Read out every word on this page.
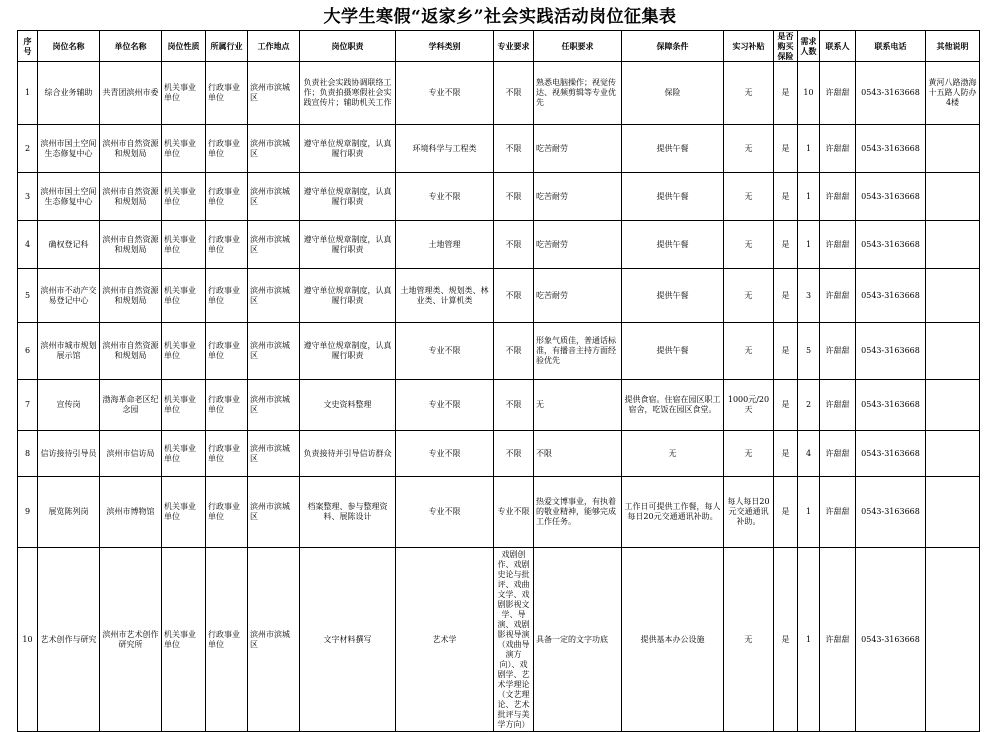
大学生寒假“返家乡”社会实践活动岗位征集表
序号	岗位名称	单位名称	岗位性质	所属行业	工作地点	岗位职责	学科类别	专业要求	任职要求	保障条件	实习补贴	是否购买保险	需求人数	联系人	联系电话	其他说明
1	综合业务辅助	共青团滨州市委	机关事业单位	行政事业单位	滨州市滨城区	负责社会实践协调联络工作；负责拍摄寒假社会实践宣传片；辅助机关工作	专业不限	不限	熟悉电脑操作；视觉传达、视频剪辑等专业优先	保险	无	是	10	许甜甜	0543-3163668	黄河八路渤海十五路人防办4楼
2	滨州市国土空间生态修复中心	滨州市自然资源和规划局	机关事业单位	行政事业单位	滨州市滨城区	遵守单位规章制度，认真履行职责	环境科学与工程类	不限	吃苦耐劳	提供午餐	无	是	1	许甜甜	0543-3163668	
3	滨州市国土空间生态修复中心	滨州市自然资源和规划局	机关事业单位	行政事业单位	滨州市滨城区	遵守单位规章制度，认真履行职责	专业不限	不限	吃苦耐劳	提供午餐	无	是	1	许甜甜	0543-3163668	
4	确权登记科	滨州市自然资源和规划局	机关事业单位	行政事业单位	滨州市滨城区	遵守单位规章制度，认真履行职责	土地管理	不限	吃苦耐劳	提供午餐	无	是	1	许甜甜	0543-3163668	
5	滨州市不动产交易登记中心	滨州市自然资源和规划局	机关事业单位	行政事业单位	滨州市滨城区	遵守单位规章制度，认真履行职责	土地管理类、规划类、林业类、计算机类	不限	吃苦耐劳	提供午餐	无	是	3	许甜甜	0543-3163668	
6	滨州市城市规划展示馆	滨州市自然资源和规划局	机关事业单位	行政事业单位	滨州市滨城区	遵守单位规章制度，认真履行职责	专业不限	不限	形象气质佳，普通话标准，有播音主持方面经验优先	提供午餐	无	是	5	许甜甜	0543-3163668	
7	宣传岗	渤海革命老区纪念园	机关事业单位	行政事业单位	滨州市滨城区	文史资料整理	专业不限	不限	无	提供食宿。住宿在园区职工宿舍，吃饭在园区食堂。	1000元/20天	是	2	许甜甜	0543-3163668	
8	信访接待引导员	滨州市信访局	机关事业单位	行政事业单位	滨州市滨城区	负责接待并引导信访群众	专业不限	不限	不限	无	无	是	4	许甜甜	0543-3163668	
9	展览陈列岗	滨州市博物馆	机关事业单位	行政事业单位	滨州市滨城区	档案整理、参与整理资料、展陈设计	专业不限	专业不限	热爱文博事业，有执着的敬业精神，能够完成工作任务。	工作日可提供工作餐，每人每日20元交通通讯补助。	每人每日20元交通通讯补助。	是	1	许甜甜	0543-3163668	
10	艺术创作与研究	滨州市艺术创作研究所	机关事业单位	行政事业单位	滨州市滨城区	文字材料撰写	艺术学	戏剧创作、戏剧史论与批评、戏曲文学、戏剧影视文学、导演、戏剧影视导演（戏曲导演方向）、戏剧学、艺术学理论（文艺理论、艺术批评与美学方向）	具备一定的文字功底	提供基本办公设施	无	是	1	许甜甜	0543-3163668	
